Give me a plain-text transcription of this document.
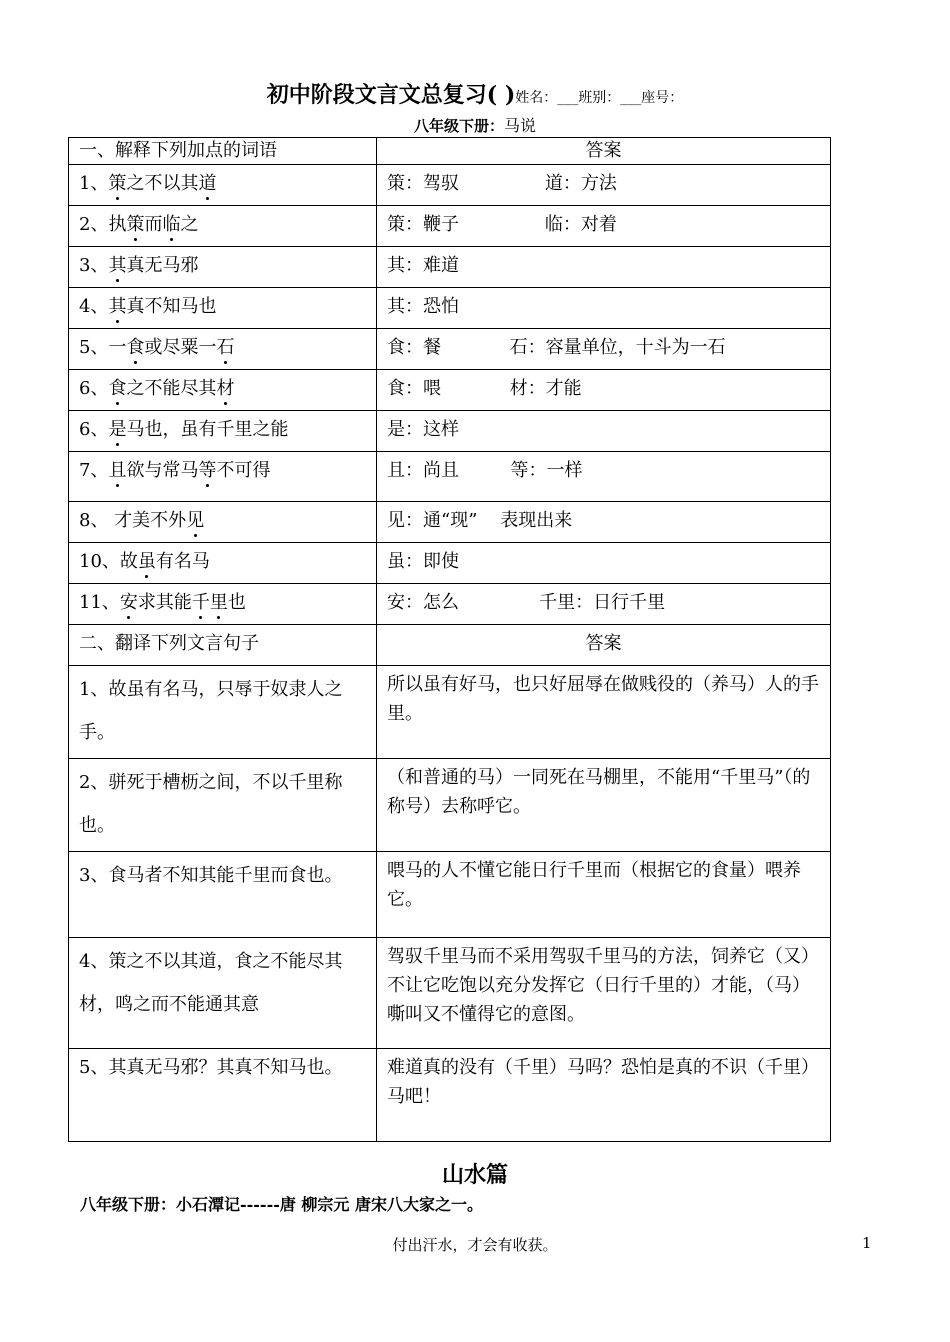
初中阶段文言文总复习( )姓名：___班别：___座号：
八年级下册：马说
一、解释下列加点的词语	答案
1、策之不以其道	策：驾驭               道：方法
2、执策而临之	策：鞭子               临：对着
3、其真无马邪	其：难道
4、其真不知马也	其：恐怕
5、一食或尽粟一石	食：餐            石：容量单位，十斗为一石
6、食之不能尽其材	食：喂            材：才能
6、是马也，虽有千里之能	是：这样
7、且欲与常马等不可得	且：尚且         等：一样
8、 才美不外见	见：通“现”    表现出来
10、故虽有名马	虽：即使
11、安求其能千里也	安：怎么              千里：日行千里
二、翻译下列文言句子	答案
1、故虽有名马，只辱于奴隶人之手。	所以虽有好马，也只好屈辱在做贱役的（养马）人的手里。
2、骈死于槽枥之间，不以千里称也。	（和普通的马）一同死在马棚里，不能用“千里马”（的称号）去称呼它。
3、食马者不知其能千里而食也。	喂马的人不懂它能日行千里而（根据它的食量）喂养它。
4、策之不以其道，食之不能尽其材，鸣之而不能通其意	驾驭千里马而不采用驾驭千里马的方法，饲养它（又）不让它吃饱以充分发挥它（日行千里的）才能，（马）嘶叫又不懂得它的意图。
5、其真无马邪？其真不知马也。	难道真的没有（千里）马吗？恐怕是真的不识（千里）马吧！
山水篇
八年级下册：小石潭记------唐 柳宗元 唐宋八大家之一。
付出汗水，才会有收获。	1
